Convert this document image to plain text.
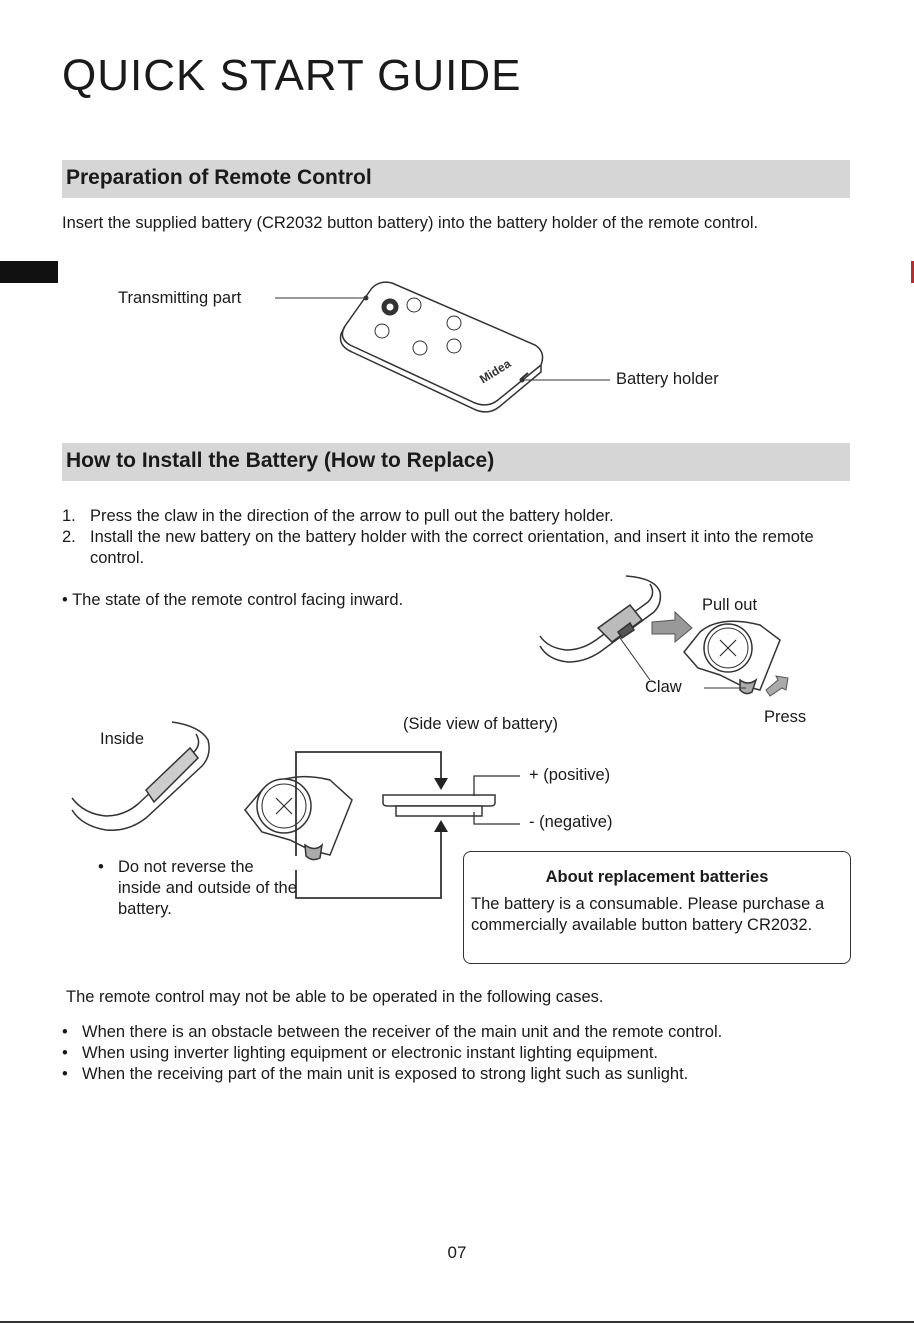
QUICK START GUIDE
Preparation of Remote Control

Insert the supplied battery (CR2032 button battery) into the battery holder of the remote control.

Midea
Transmitting part
Battery holder
How to Install the Battery (How to Replace)
1. Press the claw in the direction of the arrow to pull out the battery holder.
2. Install the new battery on the battery holder with the correct orientation, and insert it into the remote control.

• The state of the remote control facing inward.	Pull out
Claw
Press
Inside
(Side view of battery)
+ (positive)
- (negative)
• Do not reverse the inside and outside of the battery.
About replacement batteries
The battery is a consumable. Please purchase a commercially available button battery CR2032.

The remote control may not be able to be operated in the following cases.

• When there is an obstacle between the receiver of the main unit and the remote control.
• When using inverter lighting equipment or electronic instant lighting equipment.
• When the receiving part of the main unit is exposed to strong light such as sunlight.
07
